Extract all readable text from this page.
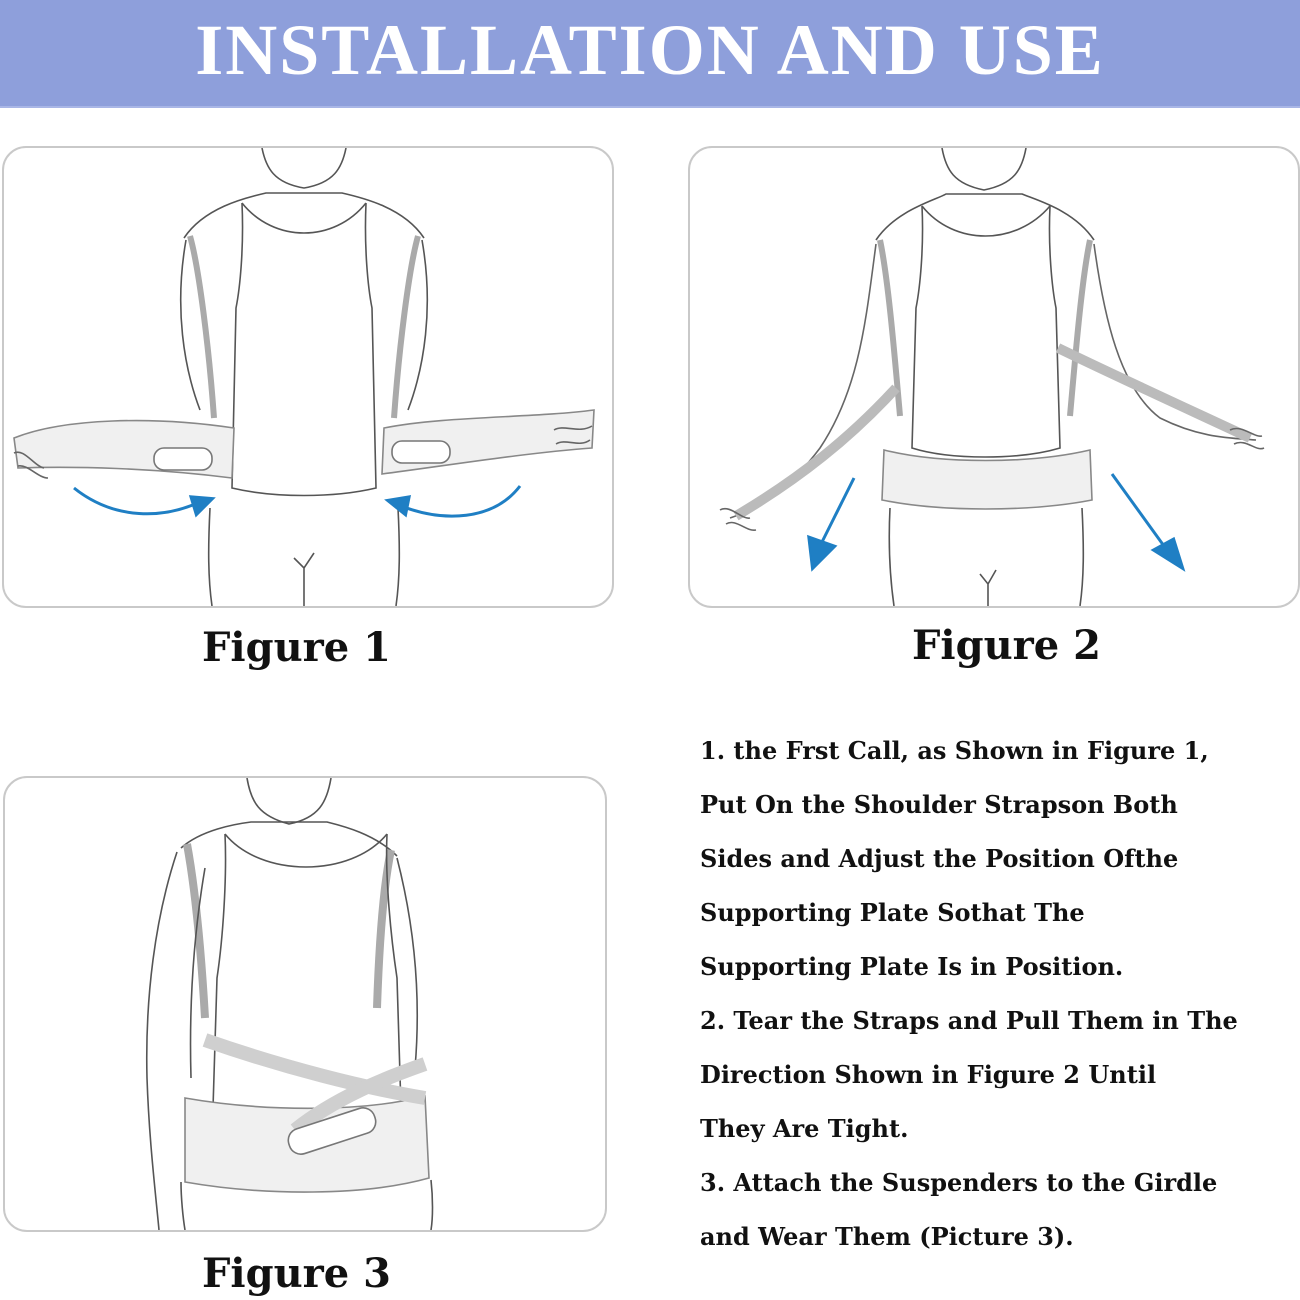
INSTALLATION AND USE
Figure 1	Figure 2
Figure 3
1. the Frst Call, as Shown in Figure 1,
Put On the Shoulder Strapson Both
Sides and Adjust the Position Ofthe
Supporting Plate Sothat The
Supporting Plate Is in Position.
2. Tear the Straps and Pull Them in The
Direction Shown in Figure 2 Until
They Are Tight.
3. Attach the Suspenders to the Girdle
and Wear Them (Picture 3).
